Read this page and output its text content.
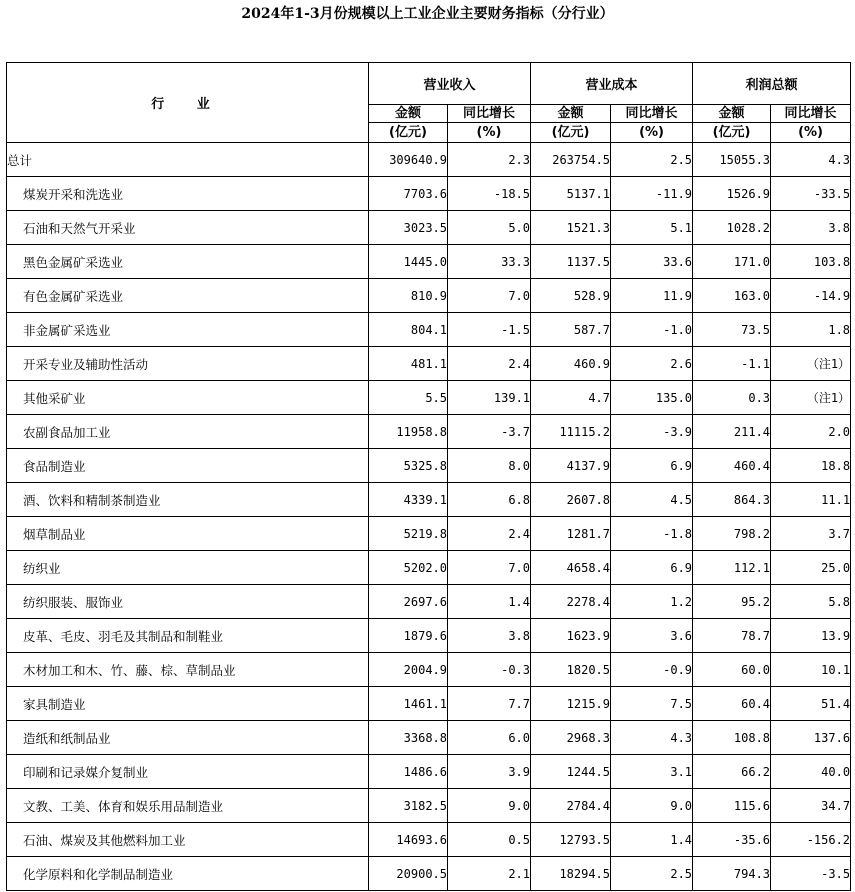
2024年1-3月份规模以上工业企业主要财务指标（分行业）
行 业	营业收入		营业成本		利润总额	
	金额	同比增长	金额	同比增长	金额	同比增长
	(亿元)	(%)	(亿元)	(%)	(亿元)	(%)
总计	309640.9	2.3	263754.5	2.5	15055.3	4.3
煤炭开采和洗选业	7703.6	-18.5	5137.1	-11.9	1526.9	-33.5
石油和天然气开采业	3023.5	5.0	1521.3	5.1	1028.2	3.8
黑色金属矿采选业	1445.0	33.3	1137.5	33.6	171.0	103.8
有色金属矿采选业	810.9	7.0	528.9	11.9	163.0	-14.9
非金属矿采选业	804.1	-1.5	587.7	-1.0	73.5	1.8
开采专业及辅助性活动	481.1	2.4	460.9	2.6	-1.1	（注1）
其他采矿业	5.5	139.1	4.7	135.0	0.3	（注1）
农副食品加工业	11958.8	-3.7	11115.2	-3.9	211.4	2.0
食品制造业	5325.8	8.0	4137.9	6.9	460.4	18.8
酒、饮料和精制茶制造业	4339.1	6.8	2607.8	4.5	864.3	11.1
烟草制品业	5219.8	2.4	1281.7	-1.8	798.2	3.7
纺织业	5202.0	7.0	4658.4	6.9	112.1	25.0
纺织服装、服饰业	2697.6	1.4	2278.4	1.2	95.2	5.8
皮革、毛皮、羽毛及其制品和制鞋业	1879.6	3.8	1623.9	3.6	78.7	13.9
木材加工和木、竹、藤、棕、草制品业	2004.9	-0.3	1820.5	-0.9	60.0	10.1
家具制造业	1461.1	7.7	1215.9	7.5	60.4	51.4
造纸和纸制品业	3368.8	6.0	2968.3	4.3	108.8	137.6
印刷和记录媒介复制业	1486.6	3.9	1244.5	3.1	66.2	40.0
文教、工美、体育和娱乐用品制造业	3182.5	9.0	2784.4	9.0	115.6	34.7
石油、煤炭及其他燃料加工业	14693.6	0.5	12793.5	1.4	-35.6	-156.2
化学原料和化学制品制造业	20900.5	2.1	18294.5	2.5	794.3	-3.5
